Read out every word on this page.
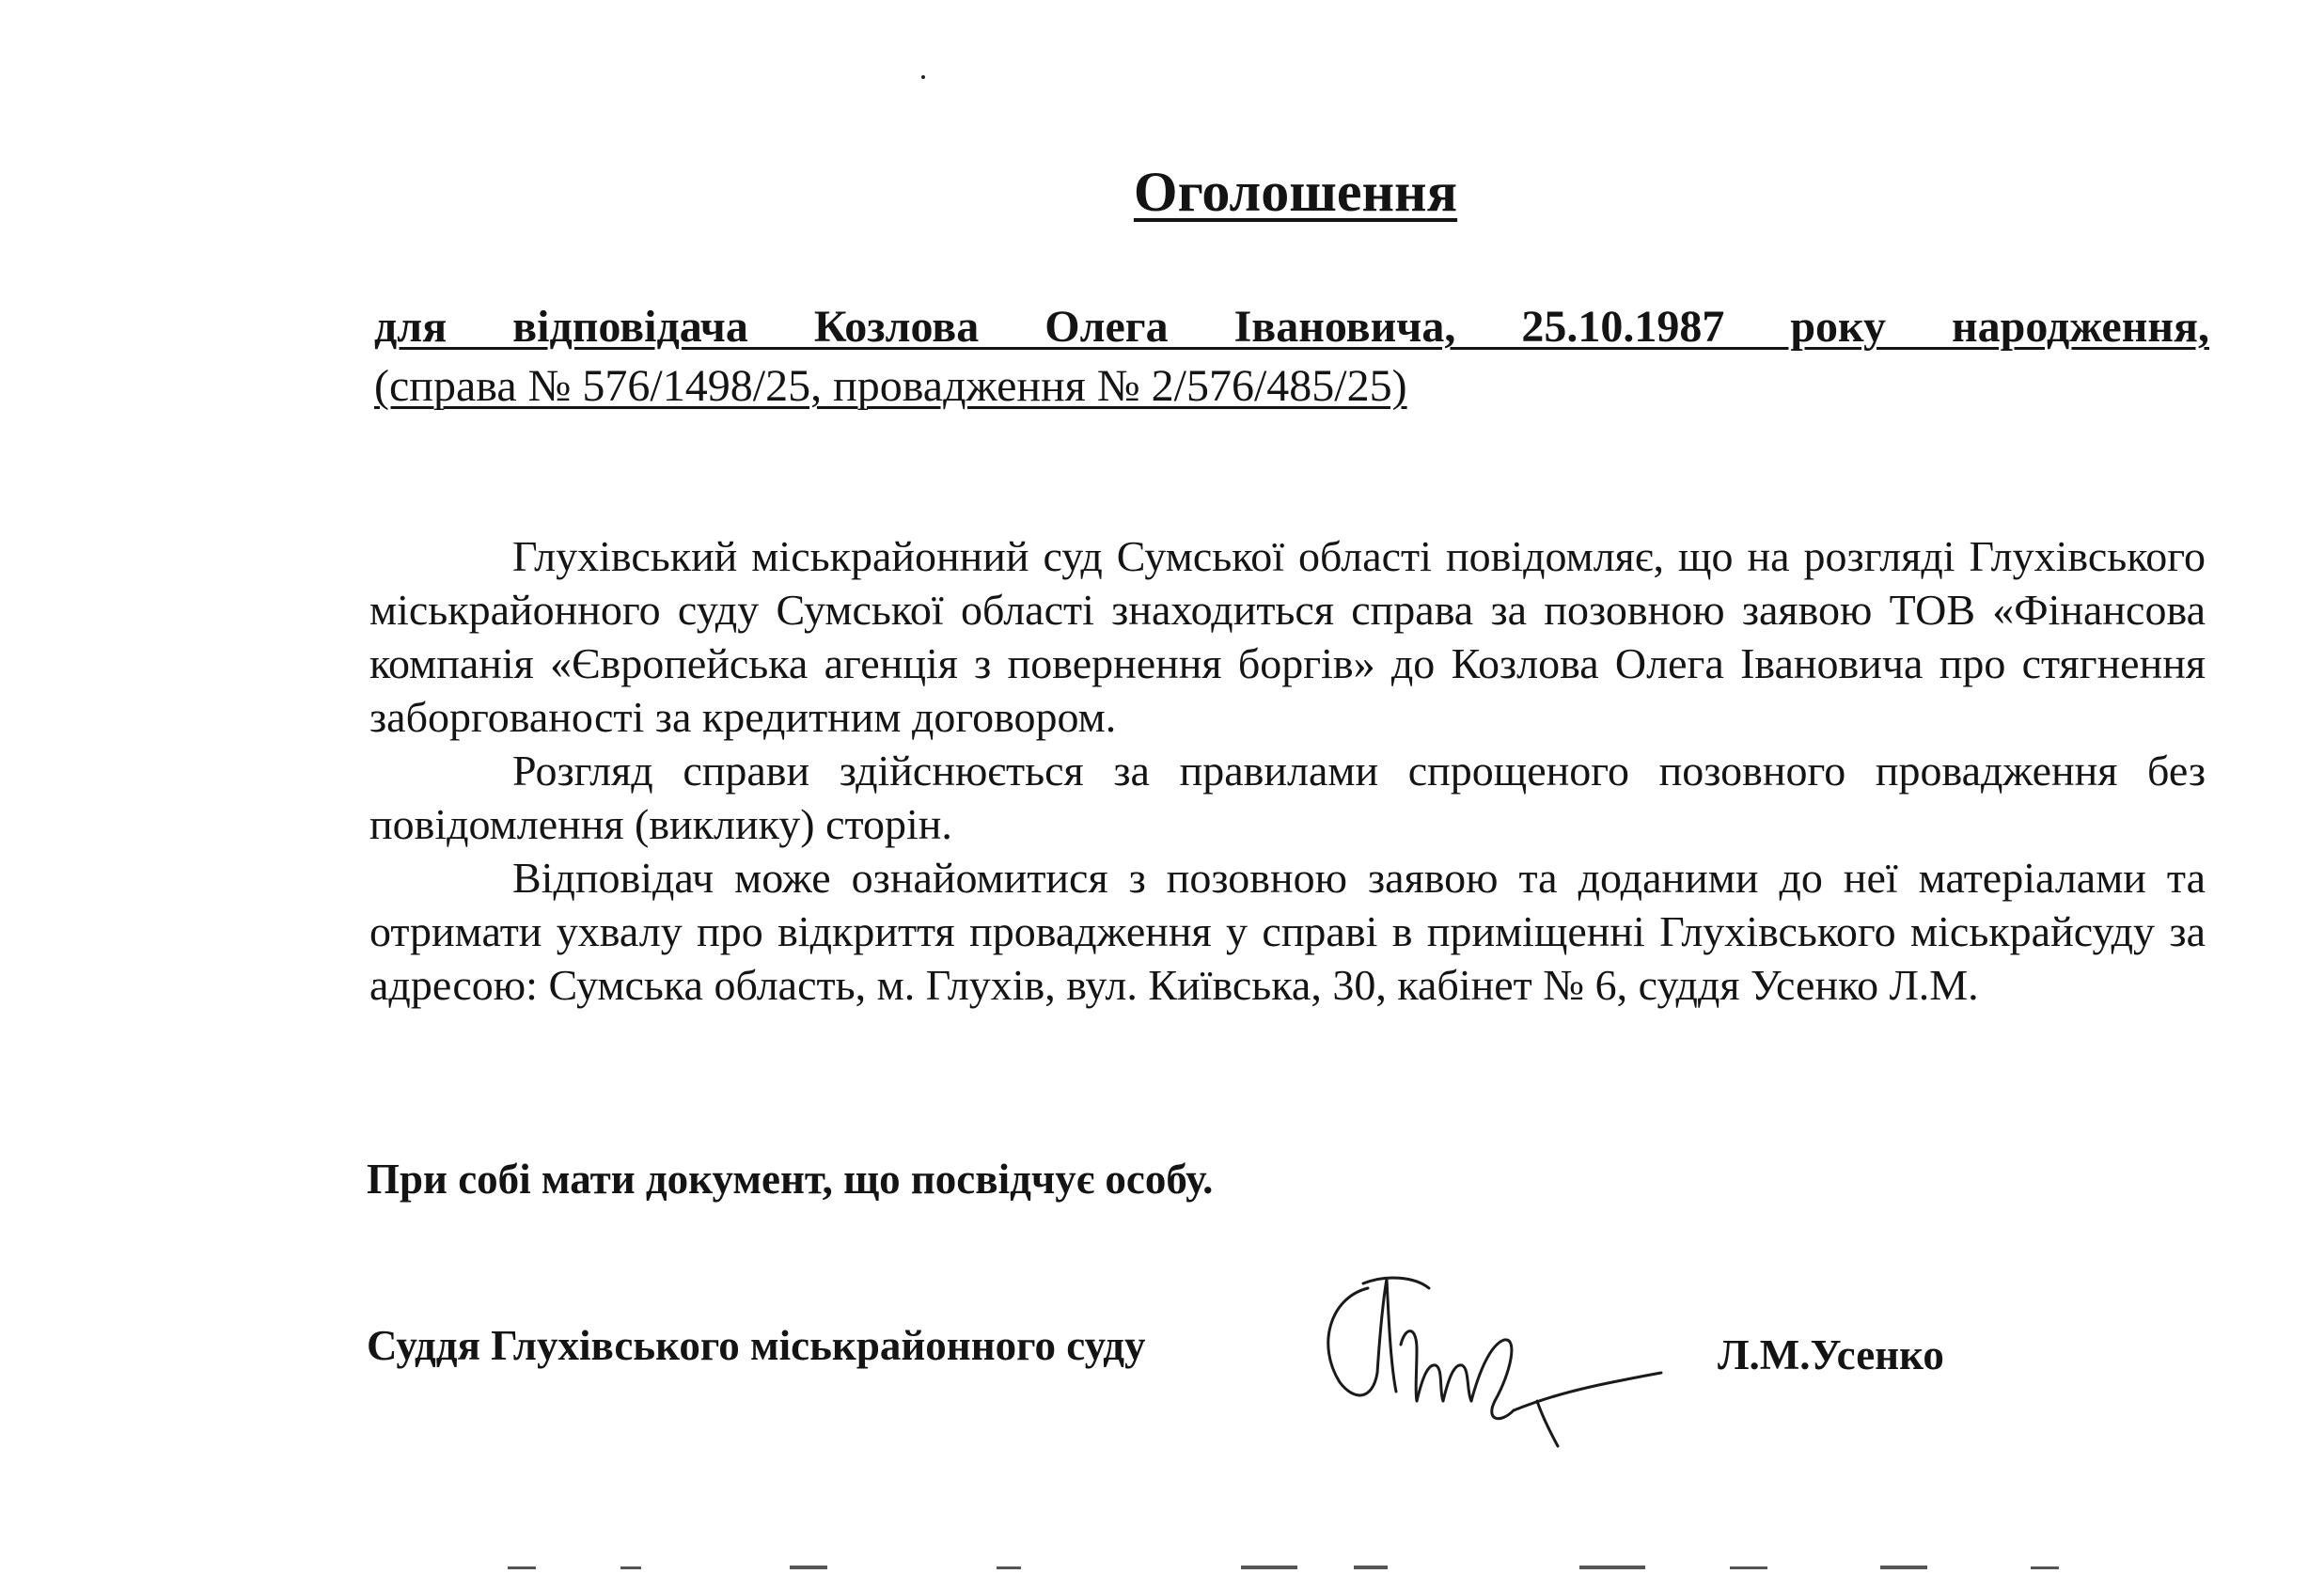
Оголошення
для відповідача Козлова Олега Івановича, 25.10.1987 року народження,
(справа № 576/1498/25, провадження № 2/576/485/25)

Глухівський міськрайонний суд Сумської області повідомляє, що на розгляді Глухівського міськрайонного суду Сумської області знаходиться справа за позовною заявою ТОВ «Фінансова компанія «Європейська агенція з повернення боргів» до Козлова Олега Івановича про стягнення заборгованості за кредитним договором.

Розгляд справи здійснюється за правилами спрощеного позовного провадження без повідомлення (виклику) сторін.

Відповідач може ознайомитися з позовною заявою та доданими до неї матеріалами та отримати ухвалу про відкриття провадження у справі в приміщенні Глухівського міськрайсуду за адресою: Сумська область, м. Глухів, вул. Київська, 30, кабінет № 6, суддя Усенко Л.М.

При собі мати документ, що посвідчує особу.
Суддя Глухівського міськрайонного суду	Л.М.Усенко
